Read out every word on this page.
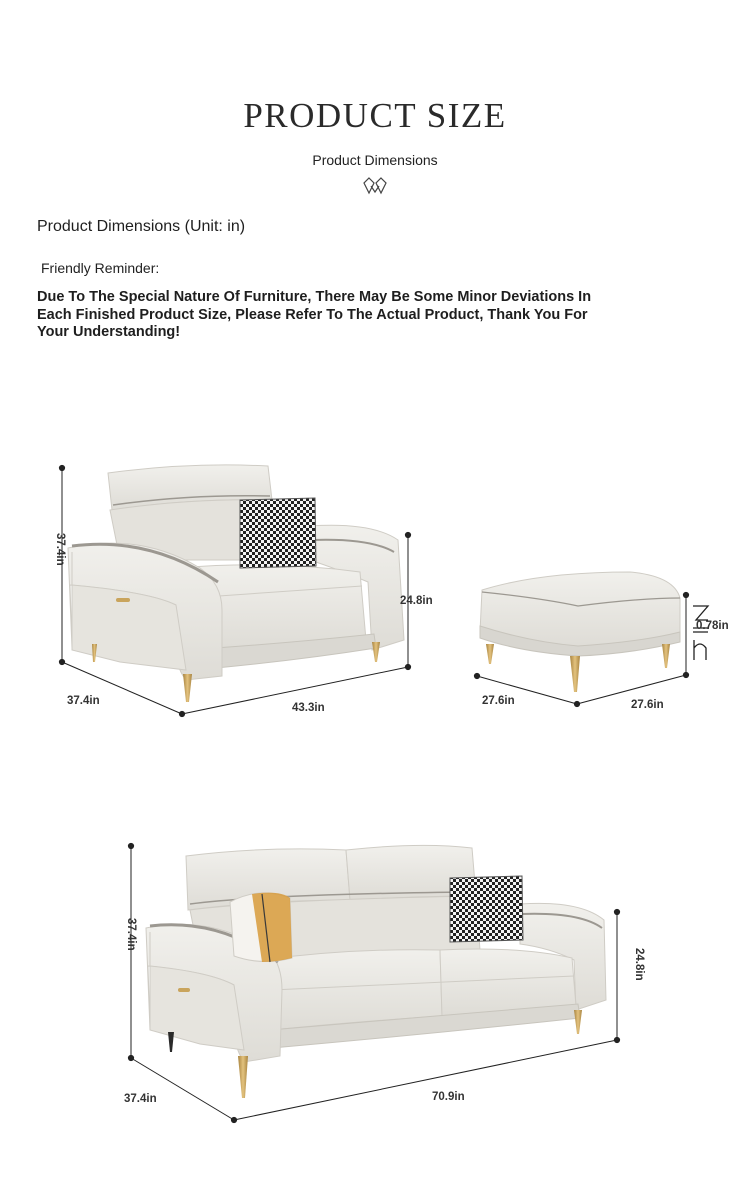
PRODUCT SIZE
Product Dimensions
Product Dimensions (Unit: in)
Friendly Reminder:
Due To The Special Nature Of Furniture, There May Be Some Minor Deviations In Each Finished Product Size, Please Refer To The Actual Product, Thank You For Your Understanding!
37.4in
24.8in
37.4in
43.3in
0.78in
27.6in	27.6in
37.4in
24.8in
37.4in	70.9in
